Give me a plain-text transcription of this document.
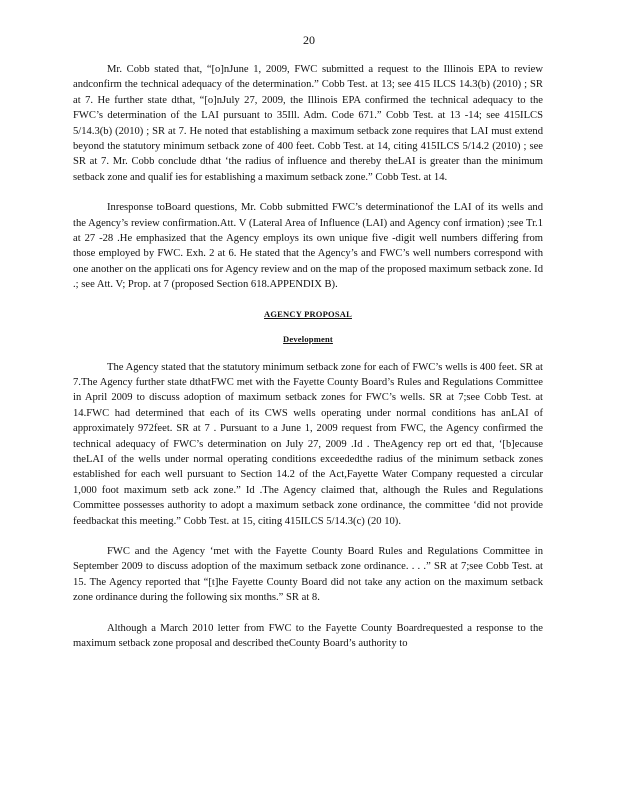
20

Mr. Cobb stated that, “[o]nJune 1, 2009, FWC submitted a request to the Illinois EPA to review andconfirm the technical adequacy of the determination.” Cobb Test. at 13; see 415 ILCS 14.3(b) (2010) ; SR at 7. He further state dthat, “[o]nJuly 27, 2009, the Illinois EPA confirmed the technical adequacy to the FWC’s determination of the LAI pursuant to 35Ill. Adm. Code 671.” Cobb Test. at 13 -14; see 415ILCS 5/14.3(b) (2010) ; SR at 7. He noted that establishing a maximum setback zone requires that LAI must extend beyond the statutory minimum setback zone of 400 feet. Cobb Test. at 14, citing 415ILCS 5/14.2 (2010) ; see SR at 7. Mr. Cobb conclude dthat ‘the radius of influence and thereby theLAI is greater than the minimum setback zone and qualif ies for establishing a maximum setback zone.” Cobb Test. at 14.

Inresponse toBoard questions, Mr. Cobb submitted FWC’s determinationof the LAI of its wells and the Agency’s review confirmation.Att. V (Lateral Area of Influence (LAI) and Agency conf irmation) ;see Tr.1 at 27 -28 .He emphasized that the Agency employs its own unique five -digit well numbers differing from those employed by FWC. Exh. 2 at 6. He stated that the Agency’s and FWC’s well numbers correspond with one another on the applicati ons for Agency review and on the map of the proposed maximum setback zone. Id .; see Att. V; Prop. at 7 (proposed Section 618.APPENDIX B).

AGENCY PROPOSAL

Development

The Agency stated that the statutory minimum setback zone for each of FWC’s wells is 400 feet. SR at 7.The Agency further state dthatFWC met with the Fayette County Board’s Rules and Regulations Committee in April 2009 to discuss adoption of maximum setback zones for FWC’s wells. SR at 7;see Cobb Test. at 14.FWC had determined that each of its CWS wells operating under normal conditions has anLAI of approximately 972feet. SR at 7 . Pursuant to a June 1, 2009 request from FWC, the Agency confirmed the technical adequacy of FWC’s determination on July 27, 2009 .Id . TheAgency rep ort ed that, ‘[b]ecause theLAI of the wells under normal operating conditions exceededthe radius of the minimum setback zones established for each well pursuant to Section 14.2 of the Act,Fayette Water Company requested a circular 1,000 foot maximum setb ack zone.” Id .The Agency claimed that, although the Rules and Regulations Committee possesses authority to adopt a maximum setback zone ordinance, the committee ‘did not provide feedbackat this meeting.” Cobb Test. at 15, citing 415ILCS 5/14.3(c) (20 10).

FWC and the Agency ‘met with the Fayette County Board Rules and Regulations Committee in September 2009 to discuss adoption of the maximum setback zone ordinance. . . .” SR at 7;see Cobb Test. at 15. The Agency reported that “[t]he Fayette County Board did not take any action on the maximum setback zone ordinance during the following six months.” SR at 8.

Although a March 2010 letter from FWC to the Fayette County Boardrequested a response to the maximum setback zone proposal and described theCounty Board’s authority to
